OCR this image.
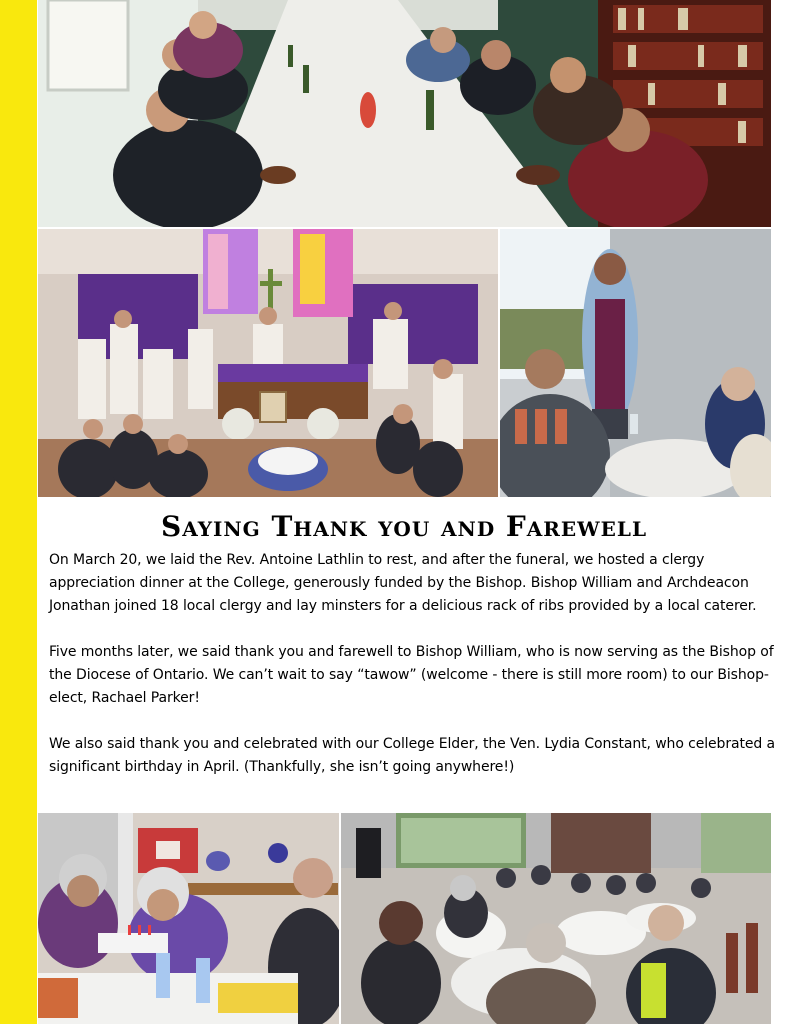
Saying Thank you and Farewell

On March 20, we laid the Rev. Antoine Lathlin to rest, and after the funeral, we hosted a clergy appreciation dinner at the College, generously funded by the Bishop. Bishop William and Archdeacon Jonathan joined 18 local clergy and lay minsters for a delicious rack of ribs provided by a local caterer.

Five months later, we said thank you and farewell to Bishop William, who is now serving as the Bishop of the Diocese of Ontario. We can’t wait to say “tawow” (welcome - there is still more room) to our Bishop-elect, Rachael Parker!

We also said thank you and celebrated with our College Elder, the Ven. Lydia Constant, who celebrated a significant birthday in April. (Thankfully, she isn’t going anywhere!)
